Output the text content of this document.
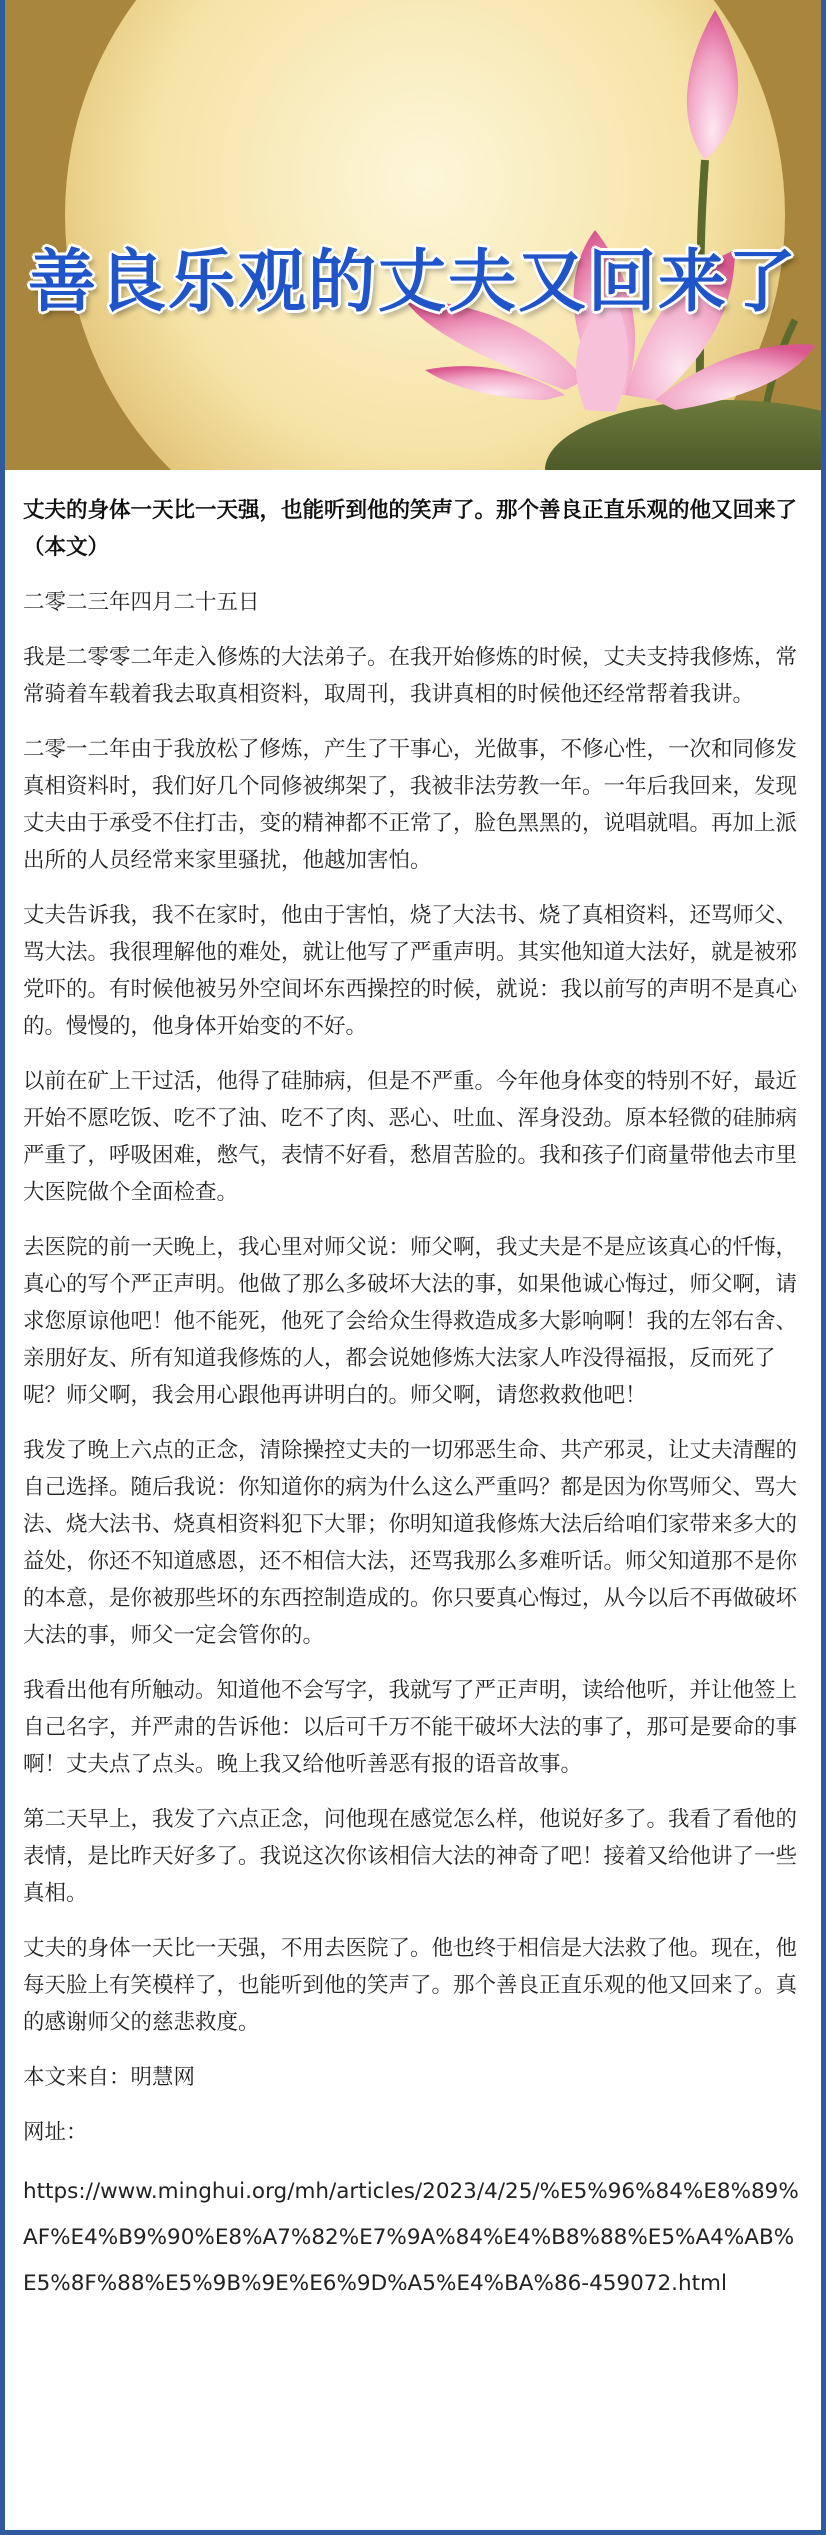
善良乐观的丈夫又回来了

丈夫的身体一天比一天强，也能听到他的笑声了。那个善良正直乐观的他又回来了（本文）

二零二三年四月二十五日

我是二零零二年走入修炼的大法弟子。在我开始修炼的时候，丈夫支持我修炼，常常骑着车载着我去取真相资料，取周刊，我讲真相的时候他还经常帮着我讲。

二零一二年由于我放松了修炼，产生了干事心，光做事，不修心性，一次和同修发真相资料时，我们好几个同修被绑架了，我被非法劳教一年。一年后我回来，发现丈夫由于承受不住打击，变的精神都不正常了，脸色黑黑的，说唱就唱。再加上派出所的人员经常来家里骚扰，他越加害怕。

丈夫告诉我，我不在家时，他由于害怕，烧了大法书、烧了真相资料，还骂师父、骂大法。我很理解他的难处，就让他写了严重声明。其实他知道大法好，就是被邪党吓的。有时候他被另外空间坏东西操控的时候，就说：我以前写的声明不是真心的。慢慢的，他身体开始变的不好。

以前在矿上干过活，他得了硅肺病，但是不严重。今年他身体变的特别不好，最近开始不愿吃饭、吃不了油、吃不了肉、恶心、吐血、浑身没劲。原本轻微的硅肺病严重了，呼吸困难，憋气，表情不好看，愁眉苦脸的。我和孩子们商量带他去市里大医院做个全面检查。

去医院的前一天晚上，我心里对师父说：师父啊，我丈夫是不是应该真心的忏悔，真心的写个严正声明。他做了那么多破坏大法的事，如果他诚心悔过，师父啊，请求您原谅他吧！他不能死，他死了会给众生得救造成多大影响啊！我的左邻右舍、亲朋好友、所有知道我修炼的人，都会说她修炼大法家人咋没得福报，反而死了呢？师父啊，我会用心跟他再讲明白的。师父啊，请您救救他吧！

我发了晚上六点的正念，清除操控丈夫的一切邪恶生命、共产邪灵，让丈夫清醒的自己选择。随后我说：你知道你的病为什么这么严重吗？都是因为你骂师父、骂大法、烧大法书、烧真相资料犯下大罪；你明知道我修炼大法后给咱们家带来多大的益处，你还不知道感恩，还不相信大法，还骂我那么多难听话。师父知道那不是你的本意，是你被那些坏的东西控制造成的。你只要真心悔过，从今以后不再做破坏大法的事，师父一定会管你的。

我看出他有所触动。知道他不会写字，我就写了严正声明，读给他听，并让他签上自己名字，并严肃的告诉他：以后可千万不能干破坏大法的事了，那可是要命的事啊！丈夫点了点头。晚上我又给他听善恶有报的语音故事。

第二天早上，我发了六点正念，问他现在感觉怎么样，他说好多了。我看了看他的表情，是比昨天好多了。我说这次你该相信大法的神奇了吧！接着又给他讲了一些真相。

丈夫的身体一天比一天强，不用去医院了。他也终于相信是大法救了他。现在，他每天脸上有笑模样了，也能听到他的笑声了。那个善良正直乐观的他又回来了。真的感谢师父的慈悲救度。

本文来自：明慧网

网址：

https://www.minghui.org/mh/articles/2023/4/25/%E5%96%84%E8%89%AF%E4%B9%90%E8%A7%82%E7%9A%84%E4%B8%88%E5%A4%AB%E5%8F%88%E5%9B%9E%E6%9D%A5%E4%BA%86-459072.html
